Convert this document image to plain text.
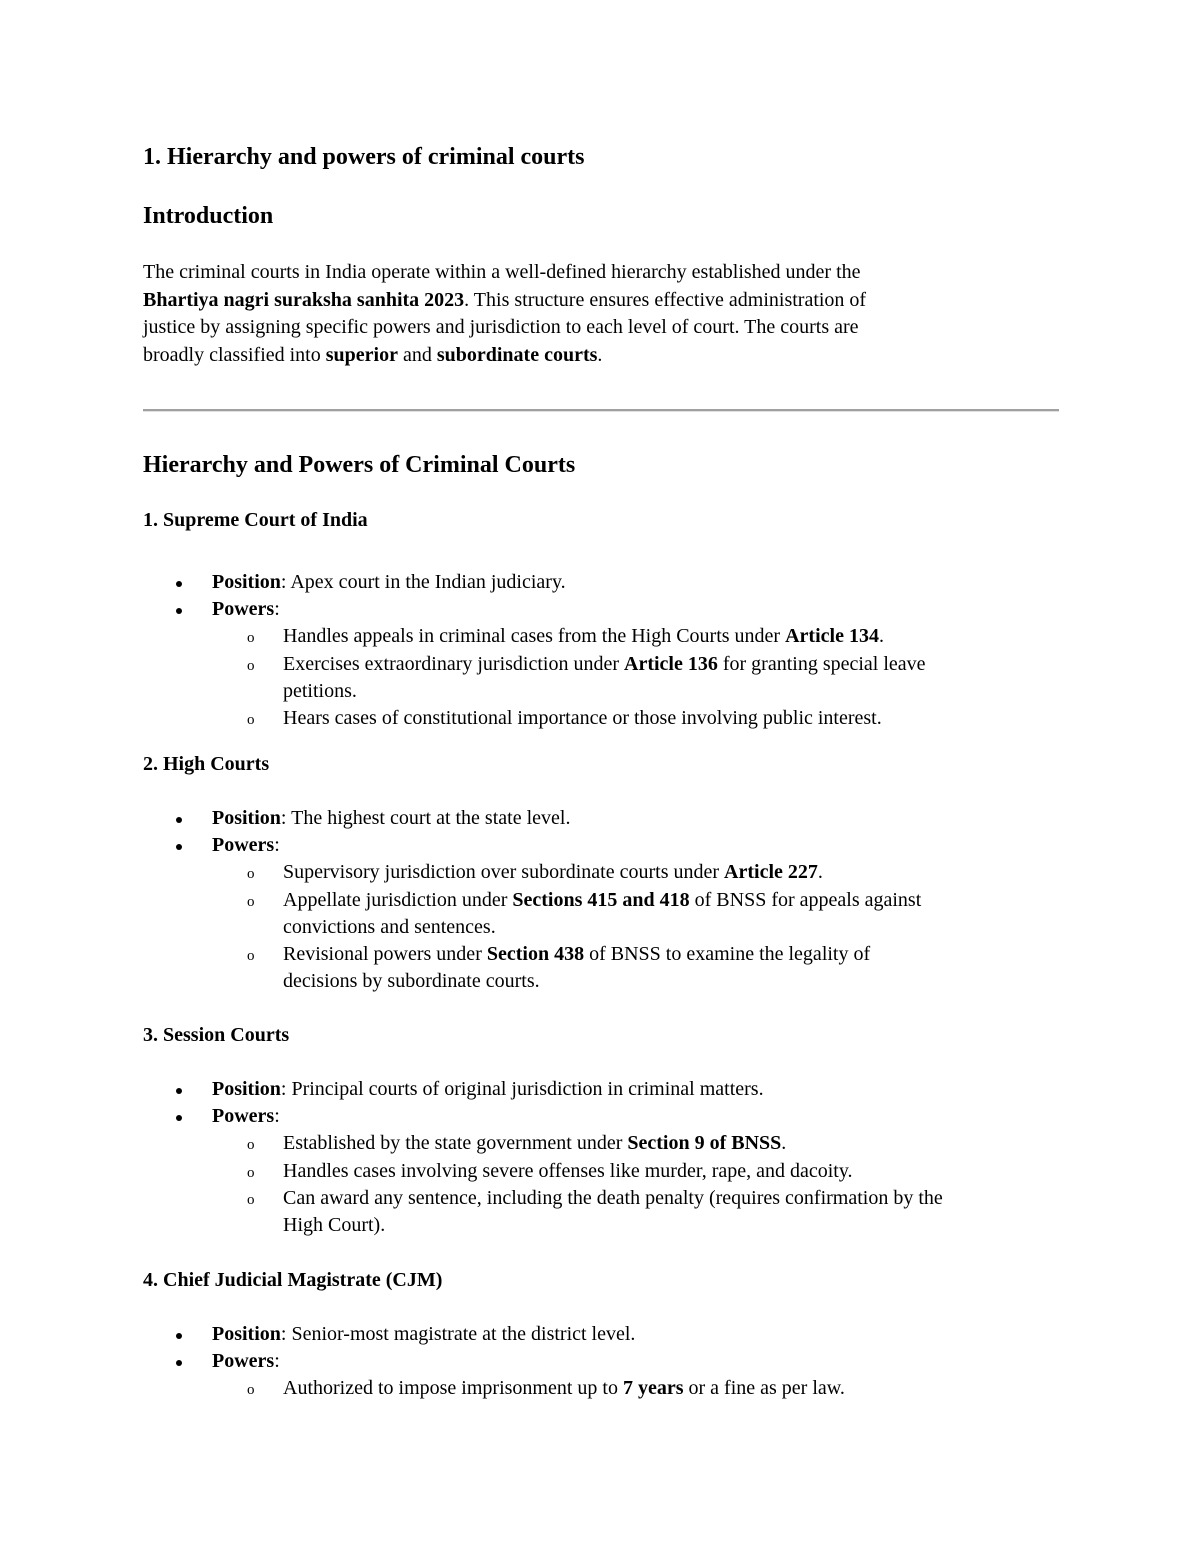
1. Hierarchy and powers of criminal courts
Introduction
The criminal courts in India operate within a well-defined hierarchy established under the
Bhartiya nagri suraksha sanhita 2023. This structure ensures effective administration of
justice by assigning specific powers and jurisdiction to each level of court. The courts are
broadly classified into superior and subordinate courts.
Hierarchy and Powers of Criminal Courts
1. Supreme Court of India
Position: Apex court in the Indian judiciary.
Powers:
o Handles appeals in criminal cases from the High Courts under Article 134.
o Exercises extraordinary jurisdiction under Article 136 for granting special leave
petitions.
o Hears cases of constitutional importance or those involving public interest.
2. High Courts
Position: The highest court at the state level.
Powers:
o Supervisory jurisdiction over subordinate courts under Article 227.
o Appellate jurisdiction under Sections 415 and 418 of BNSS for appeals against
convictions and sentences.
o Revisional powers under Section 438 of BNSS to examine the legality of
decisions by subordinate courts.
3. Session Courts
Position: Principal courts of original jurisdiction in criminal matters.
Powers:
o Established by the state government under Section 9 of BNSS.
o Handles cases involving severe offenses like murder, rape, and dacoity.
o Can award any sentence, including the death penalty (requires confirmation by the
High Court).
4. Chief Judicial Magistrate (CJM)
Position: Senior-most magistrate at the district level.
Powers:
o Authorized to impose imprisonment up to 7 years or a fine as per law.
